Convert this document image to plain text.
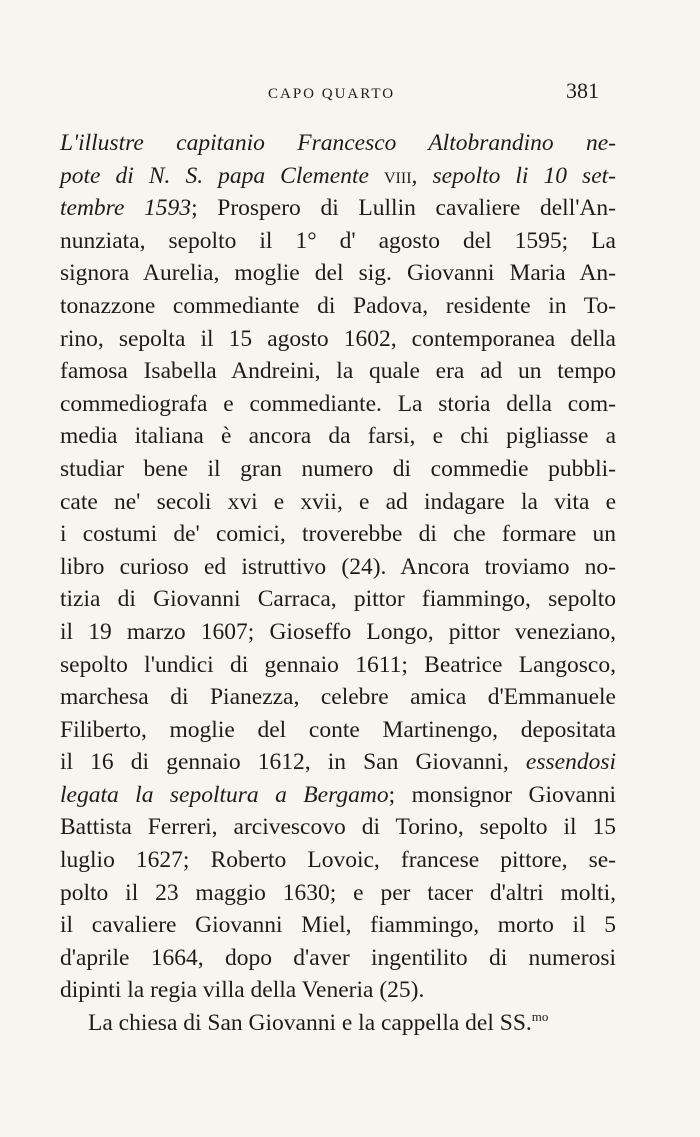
CAPO QUARTO	381
L'illustre capitanio Francesco Altobrandino ne-
pote di N. S. papa Clemente viii, sepolto li 10 set-
tembre 1593; Prospero di Lullin cavaliere dell'An-
nunziata, sepolto il 1° d' agosto del 1595; La
signora Aurelia, moglie del sig. Giovanni Maria An-
tonazzone commediante di Padova, residente in To-
rino, sepolta il 15 agosto 1602, contemporanea della
famosa Isabella Andreini, la quale era ad un tempo
commediografa e commediante. La storia della com-
media italiana è ancora da farsi, e chi pigliasse a
studiar bene il gran numero di commedie pubbli-
cate ne' secoli xvi e xvii, e ad indagare la vita e
i costumi de' comici, troverebbe di che formare un
libro curioso ed istruttivo (24). Ancora troviamo no-
tizia di Giovanni Carraca, pittor fiammingo, sepolto
il 19 marzo 1607; Gioseffo Longo, pittor veneziano,
sepolto l'undici di gennaio 1611; Beatrice Langosco,
marchesa di Pianezza, celebre amica d'Emmanuele
Filiberto, moglie del conte Martinengo, depositata
il 16 di gennaio 1612, in San Giovanni, essendosi
legata la sepoltura a Bergamo; monsignor Giovanni
Battista Ferreri, arcivescovo di Torino, sepolto il 15
luglio 1627; Roberto Lovoic, francese pittore, se-
polto il 23 maggio 1630; e per tacer d'altri molti,
il cavaliere Giovanni Miel, fiammingo, morto il 5
d'aprile 1664, dopo d'aver ingentilito di numerosi
dipinti la regia villa della Veneria (25).
La chiesa di San Giovanni e la cappella del SS.$^{mo}$
